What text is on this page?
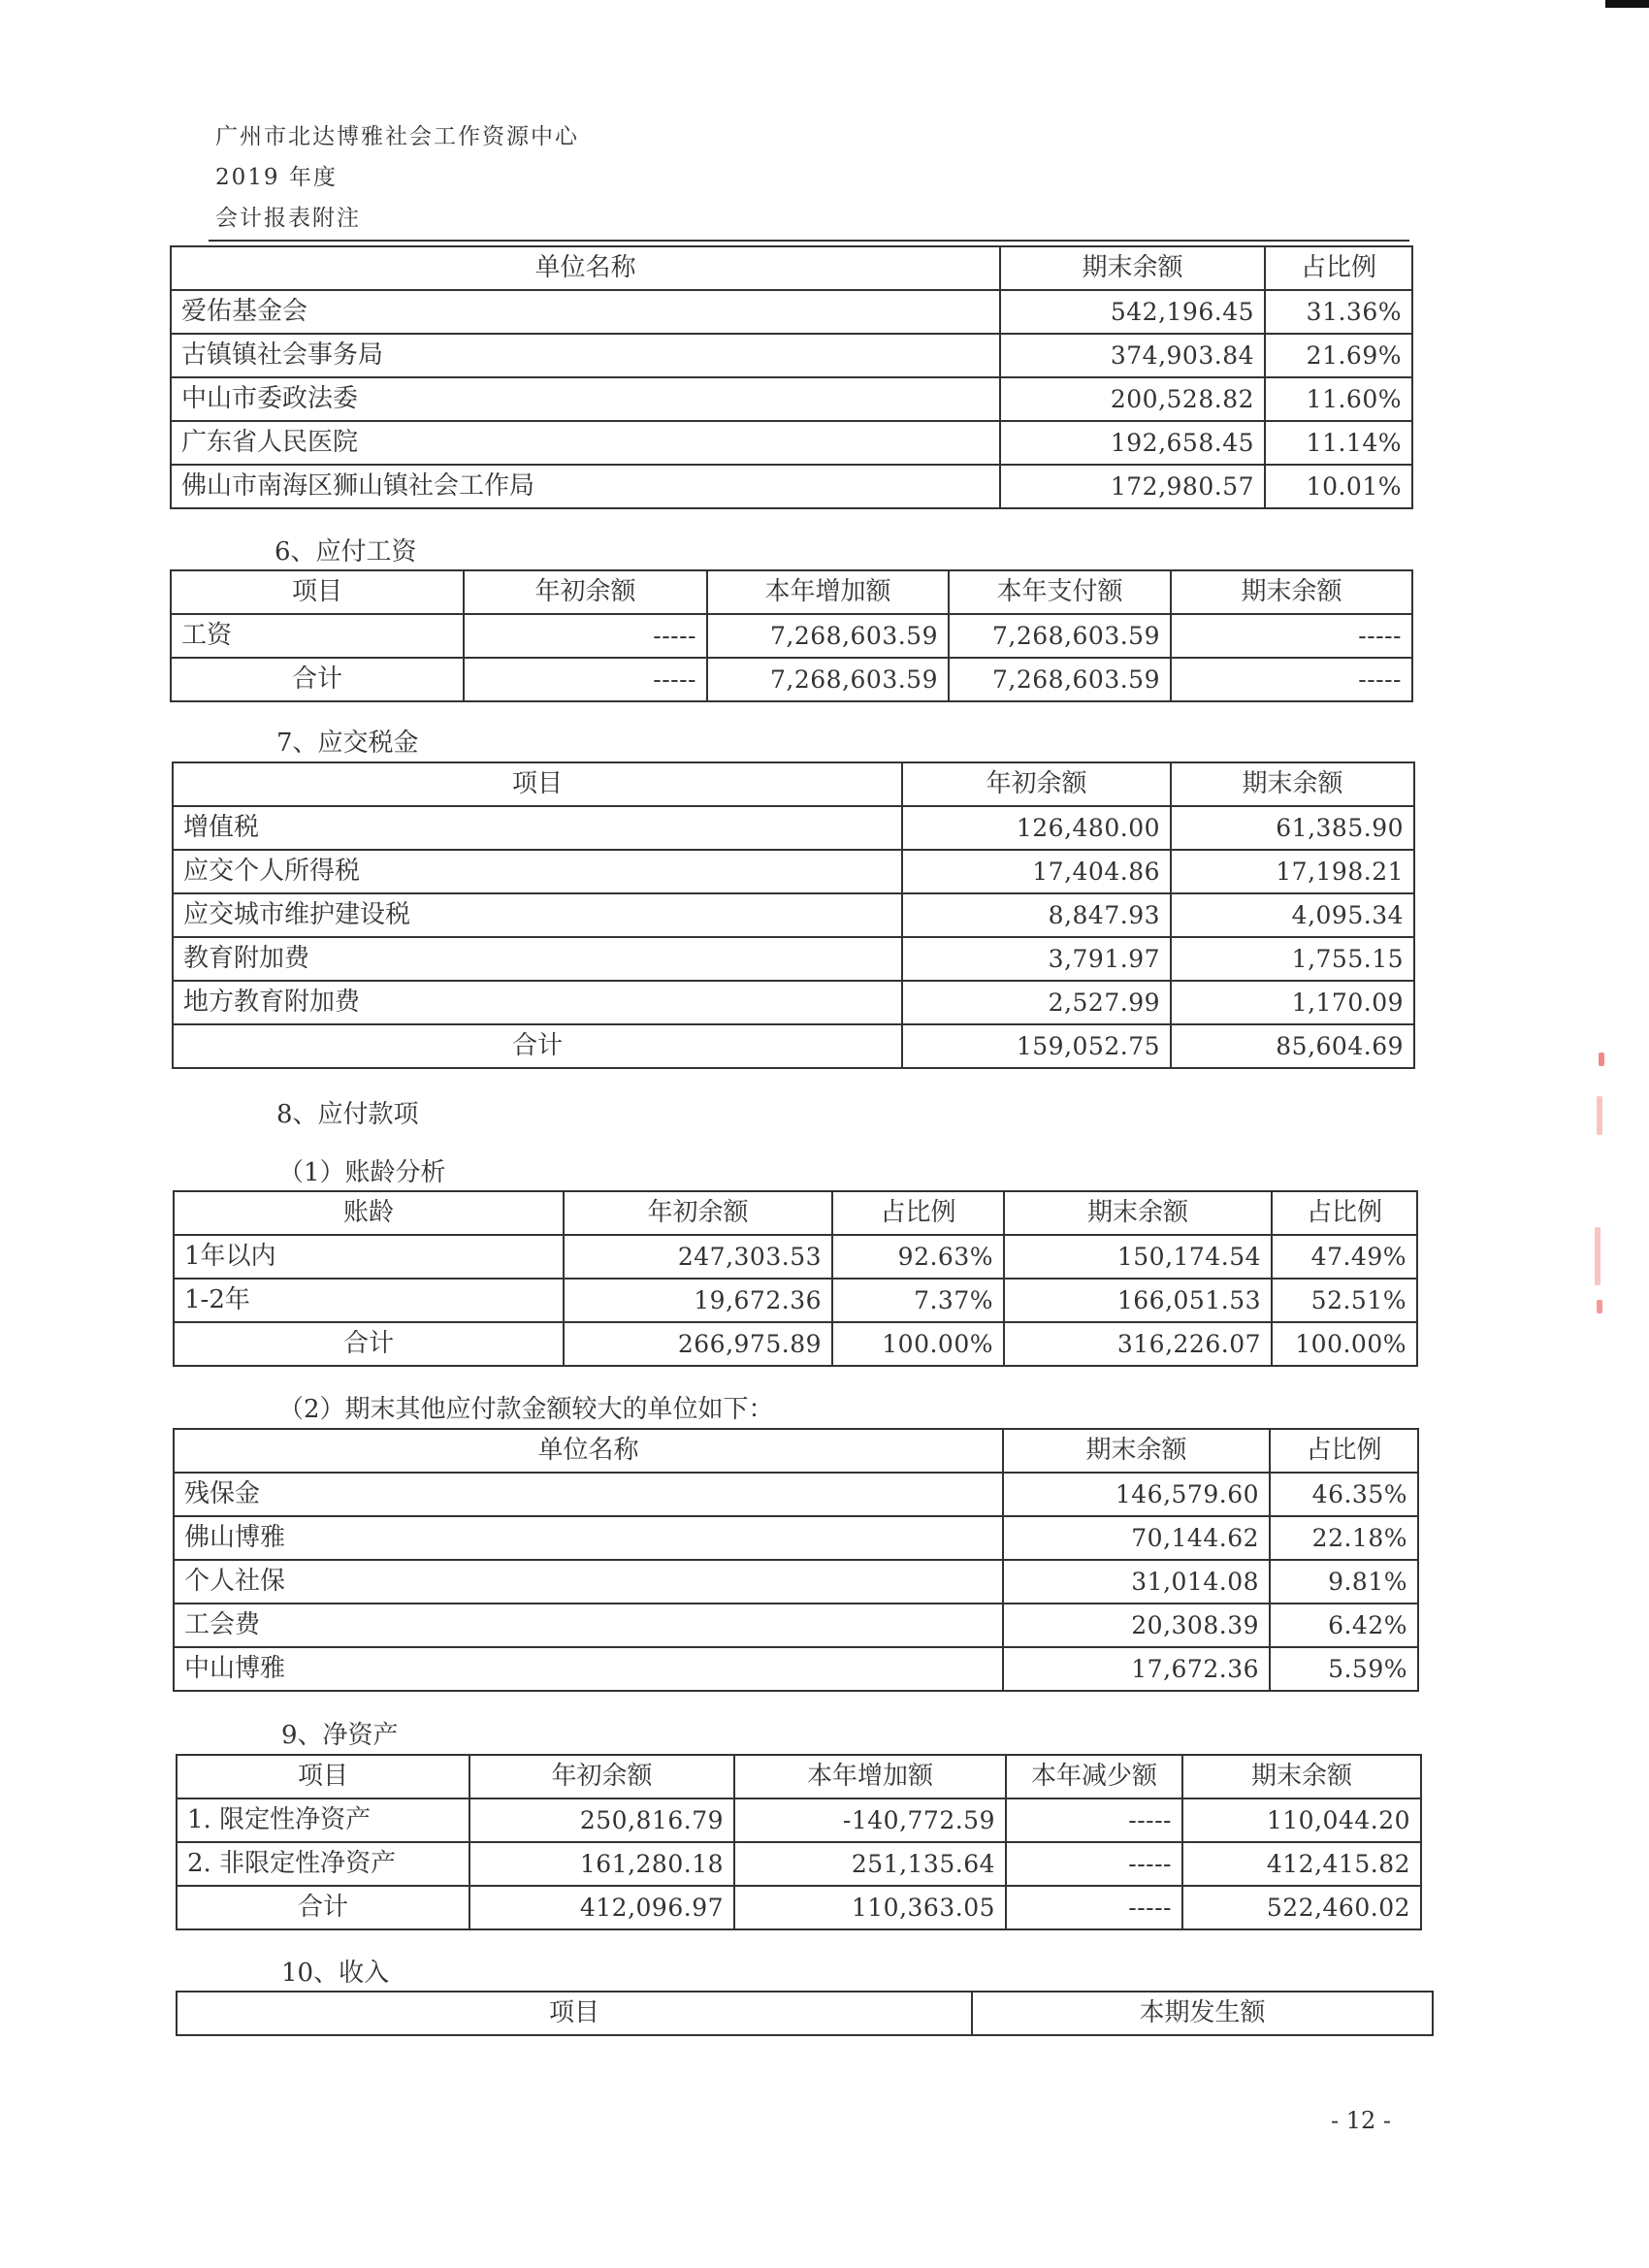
广州市北达博雅社会工作资源中心
2019 年度
会计报表附注
单位名称	期末余额	占比例
爱佑基金会	542,196.45	31.36%
古镇镇社会事务局	374,903.84	21.69%
中山市委政法委	200,528.82	11.60%
广东省人民医院	192,658.45	11.14%
佛山市南海区狮山镇社会工作局	172,980.57	10.01%
6、应付工资
项目	年初余额	本年增加额	本年支付额	期末余额
工资	-----	7,268,603.59	7,268,603.59	-----
合计	-----	7,268,603.59	7,268,603.59	-----
7、应交税金
项目	年初余额	期末余额
增值税	126,480.00	61,385.90
应交个人所得税	17,404.86	17,198.21
应交城市维护建设税	8,847.93	4,095.34
教育附加费	3,791.97	1,755.15
地方教育附加费	2,527.99	1,170.09
合计	159,052.75	85,604.69
8、应付款项
（1）账龄分析
账龄	年初余额	占比例	期末余额	占比例
1年以内	247,303.53	92.63%	150,174.54	47.49%
1-2年	19,672.36	7.37%	166,051.53	52.51%
合计	266,975.89	100.00%	316,226.07	100.00%
（2）期末其他应付款金额较大的单位如下：
单位名称	期末余额	占比例
残保金	146,579.60	46.35%
佛山博雅	70,144.62	22.18%
个人社保	31,014.08	9.81%
工会费	20,308.39	6.42%
中山博雅	17,672.36	5.59%
9、净资产
项目	年初余额	本年增加额	本年减少额	期末余额
1. 限定性净资产	250,816.79	-140,772.59	-----	110,044.20
2. 非限定性净资产	161,280.18	251,135.64	-----	412,415.82
合计	412,096.97	110,363.05	-----	522,460.02
10、收入
项目	本期发生额
- 12 -
